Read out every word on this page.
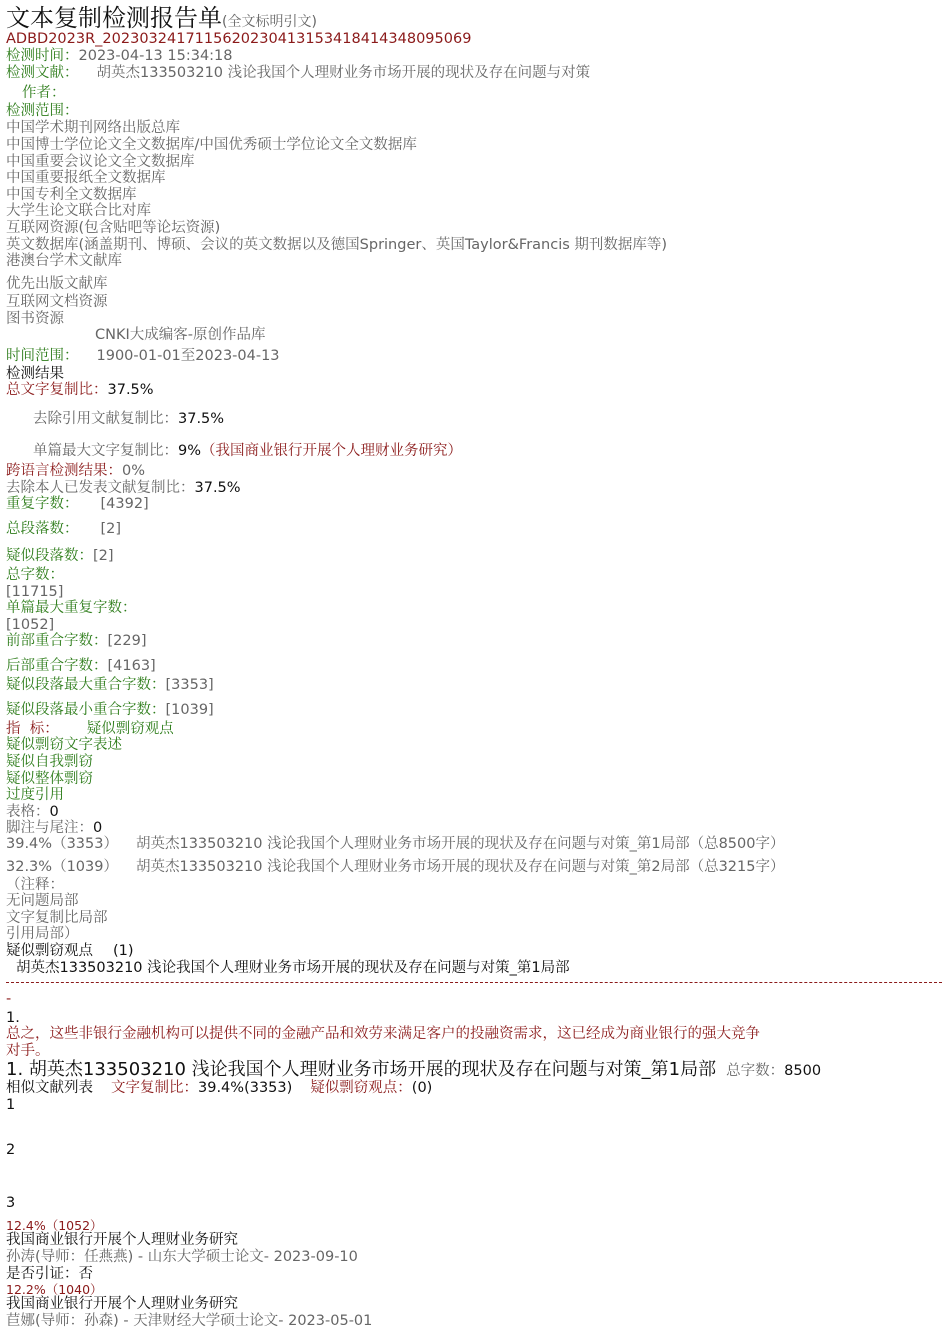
文本复制检测报告单(全文标明引文)
ADBD2023R_2023032417115620230413153418414348095069
检测时间：2023-04-13 15:34:18
检测文献： 胡英杰133503210 浅论我国个人理财业务市场开展的现状及存在问题与对策
作者：
检测范围：
中国学术期刊网络出版总库
中国博士学位论文全文数据库/中国优秀硕士学位论文全文数据库
中国重要会议论文全文数据库
中国重要报纸全文数据库
中国专利全文数据库
大学生论文联合比对库
互联网资源(包含贴吧等论坛资源)
英文数据库(涵盖期刊、博硕、会议的英文数据以及德国Springer、英国Taylor&Francis 期刊数据库等)
港澳台学术文献库
优先出版文献库
互联网文档资源
图书资源
CNKI大成编客-原创作品库
时间范围： 1900-01-01至2023-04-13
检测结果
总文字复制比：37.5%
去除引用文献复制比：37.5%
单篇最大文字复制比：9%（我国商业银行开展个人理财业务研究）
跨语言检测结果：0%
去除本人已发表文献复制比：37.5%
重复字数： [4392]
总段落数： [2]
疑似段落数：[2]
总字数：
[11715]
单篇最大重复字数：
[1052]
前部重合字数：[229]
后部重合字数：[4163]
疑似段落最大重合字数：[3353]
疑似段落最小重合字数：[1039]
指  标： 疑似剽窃观点
疑似剽窃文字表述
疑似自我剽窃
疑似整体剽窃
过度引用
表格：0
脚注与尾注：0
39.4%（3353） 胡英杰133503210 浅论我国个人理财业务市场开展的现状及存在问题与对策_第1局部（总8500字）
32.3%（1039） 胡英杰133503210 浅论我国个人理财业务市场开展的现状及存在问题与对策_第2局部（总3215字）
（注释：
无问题局部
文字复制比局部
引用局部）
疑似剽窃观点 (1)
胡英杰133503210 浅论我国个人理财业务市场开展的现状及存在问题与对策_第1局部
-
1.
总之，这些非银行金融机构可以提供不同的金融产品和效劳来满足客户的投融资需求，这已经成为商业银行的强大竞争
对手。
1. 胡英杰133503210 浅论我国个人理财业务市场开展的现状及存在问题与对策_第1局部 总字数：8500
相似文献列表 文字复制比：39.4%(3353) 疑似剽窃观点：(0)
1
2
3
12.4%（1052）
我国商业银行开展个人理财业务研究
孙涛(导师：任燕燕) - 山东大学硕士论文- 2023-09-10
是否引证：否
12.2%（1040）
我国商业银行开展个人理财业务研究
苣娜(导师：孙森) - 天津财经大学硕士论文- 2023-05-01
